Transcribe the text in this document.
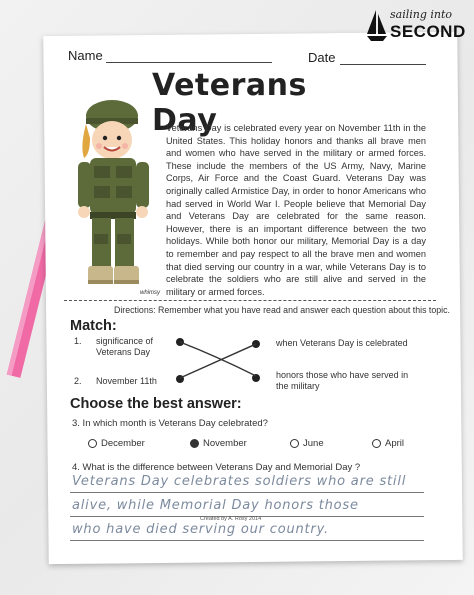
sailing into
SECOND
Name	Date
Veterans Day
whimsy
Veterans Day is celebrated every year on November 11th in the United States. This holiday honors and thanks all brave men and women who have served in the military or armed forces. These include the members of the US Army, Navy, Marine Corps, Air Force and the Coast Guard. Veterans Day was originally called Armistice Day, in order to honor Americans who had served in World War I. People believe that Memorial Day and Veterans Day are celebrated for the same reason. However, there is an important difference between the two holidays. While both honor our military, Memorial Day is a day to remember and pay respect to all the brave men and women that died serving our country in a war, while Veterans Day is to celebrate the soldiers who are still alive and served in the military or armed forces.
Directions: Remember what you have read and answer each question about this topic.
Match:
1. significance of Veterans Day
2. November 11th
when Veterans Day is celebrated
honors those who have served in the military
Choose the best answer:
3. In which month is Veterans Day celebrated?
December	November	June	April
4. What is the difference between Veterans Day and Memorial Day ?
Veterans Day celebrates soldiers who are still
alive, while Memorial Day honors those
who have died serving our country.
Created by A. Rosy 2014
